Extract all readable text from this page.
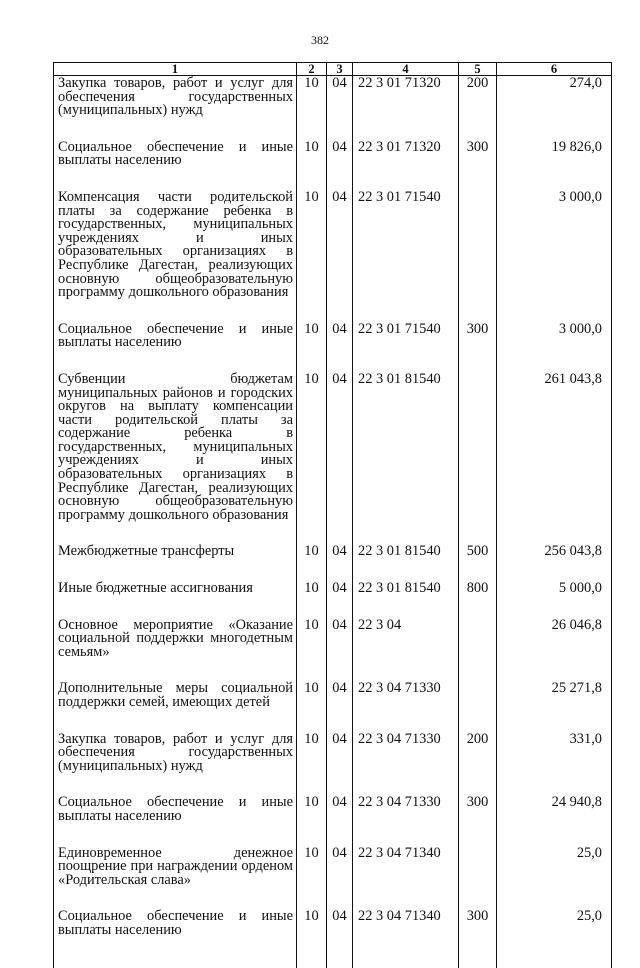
382
1	2	3	4	5	6
Закупка товаров, работ и услуг для обеспечения государственных (муниципальных) нужд	10	04	22 3 01 71320	200	274,0
Социальное обеспечение и иные выплаты населению	10	04	22 3 01 71320	300	19 826,0
Компенсация части родительской платы за содержание ребенка в государственных, муниципальных учреждениях и иных образовательных организациях в Республике Дагестан, реализующих основную общеобразовательную программу дошкольного образования	10	04	22 3 01 71540		3 000,0
Социальное обеспечение и иные выплаты населению	10	04	22 3 01 71540	300	3 000,0
Субвенции бюджетам муниципальных районов и городских округов на выплату компенсации части родительской платы за содержание ребенка в государственных, муниципальных учреждениях и иных образовательных организациях в Республике Дагестан, реализующих основную общеобразовательную программу дошкольного образования	10	04	22 3 01 81540		261 043,8
Межбюджетные трансферты	10	04	22 3 01 81540	500	256 043,8
Иные бюджетные ассигнования	10	04	22 3 01 81540	800	5 000,0
Основное мероприятие «Оказание социальной поддержки многодетным семьям»	10	04	22 3 04		26 046,8
Дополнительные меры социальной поддержки семей, имеющих детей	10	04	22 3 04 71330		25 271,8
Закупка товаров, работ и услуг для обеспечения государственных (муниципальных) нужд	10	04	22 3 04 71330	200	331,0
Социальное обеспечение и иные выплаты населению	10	04	22 3 04 71330	300	24 940,8
Единовременное денежное поощрение при награждении орденом «Родительская слава»	10	04	22 3 04 71340		25,0
Социальное обеспечение и иные выплаты населению	10	04	22 3 04 71340	300	25,0
